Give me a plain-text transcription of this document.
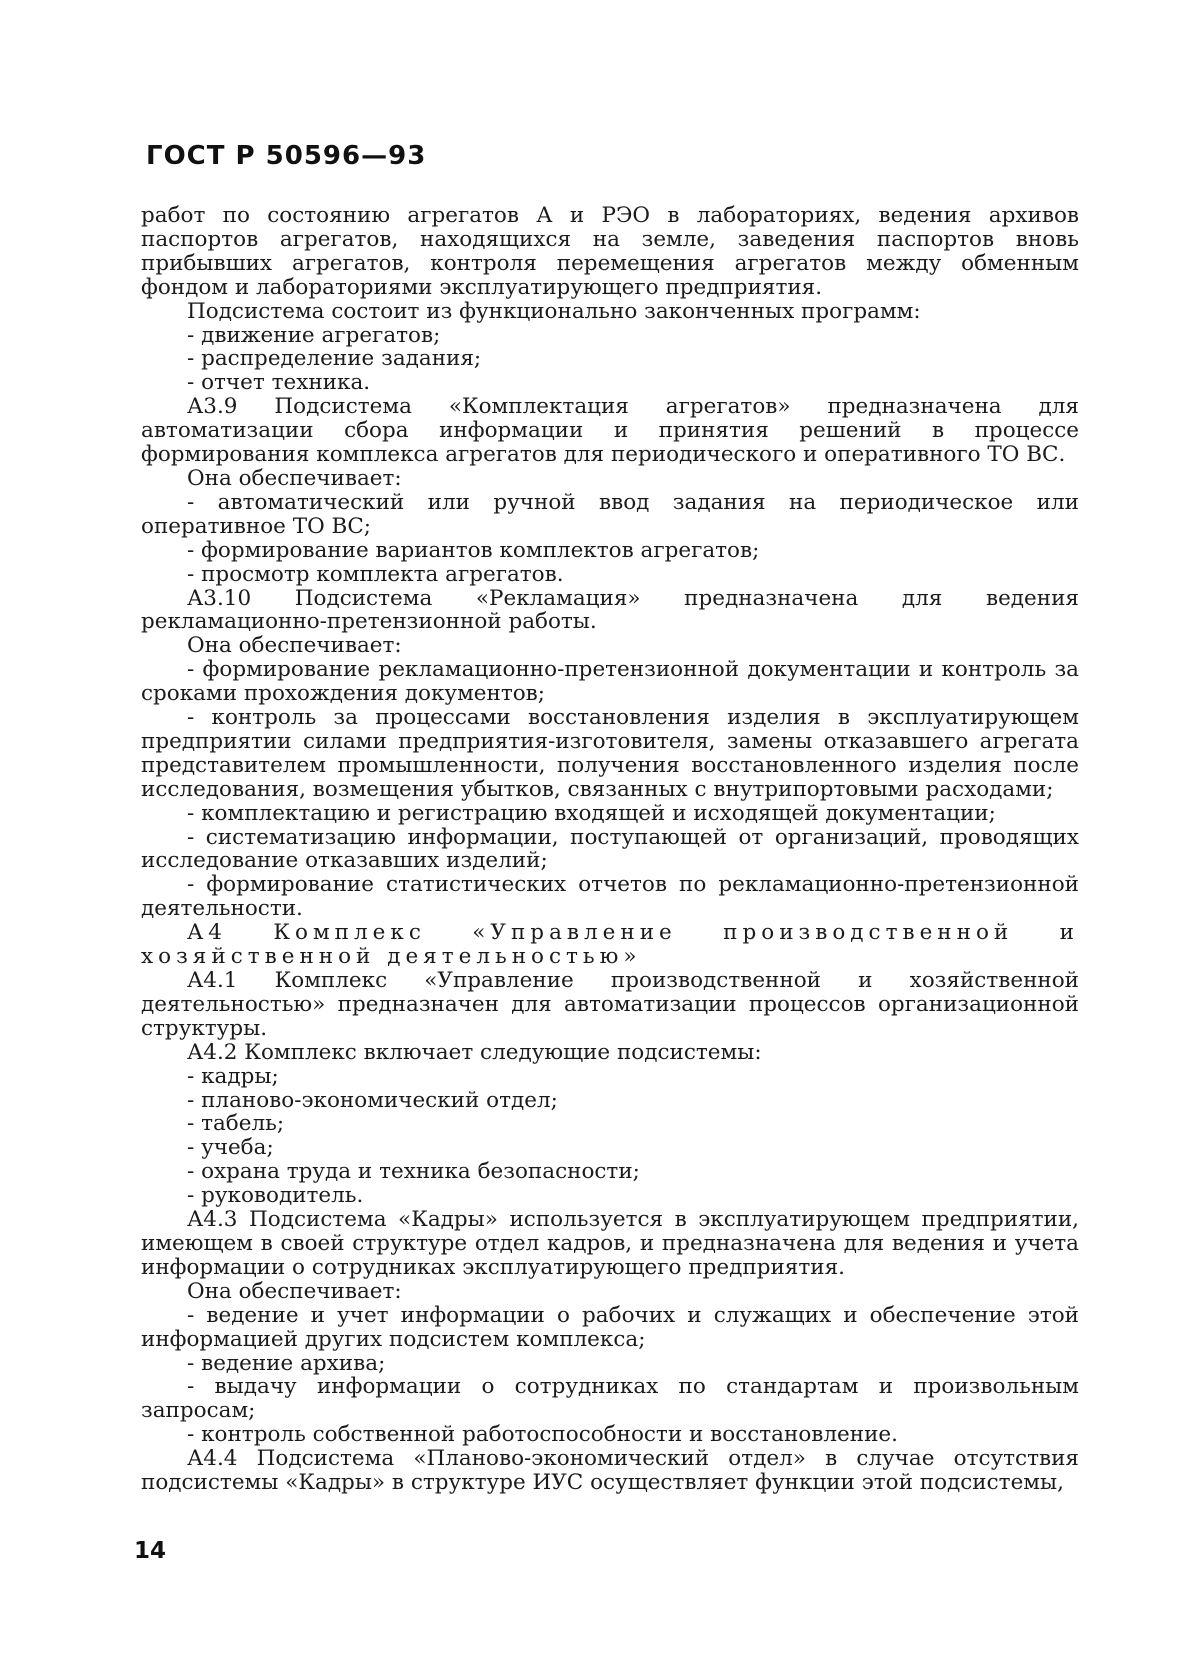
ГОСТ Р 50596—93

работ по состоянию агрегатов А и РЭО в лабораториях, ведения архивов паспортов агрегатов, находящихся на земле, заведения паспортов вновь прибывших агрегатов, контроля перемещения агрегатов между обменным фондом и лабораториями эксплуатирующего предприятия.

Подсистема состоит из функционально законченных программ:

- движение агрегатов;

- распределение задания;

- отчет техника.

А3.9 Подсистема «Комплектация агрегатов» предназначена для автоматизации сбора информации и принятия решений в процессе формирования комплекса агрегатов для периодического и оперативного ТО ВС.

Она обеспечивает:

- автоматический или ручной ввод задания на периодическое или оперативное ТО ВС;

- формирование вариантов комплектов агрегатов;

- просмотр комплекта агрегатов.

А3.10 Подсистема «Рекламация» предназначена для ведения рекламационно-претензионной работы.

Она обеспечивает:

- формирование рекламационно-претензионной документации и контроль за сроками прохождения документов;

- контроль за процессами восстановления изделия в эксплуатирующем предприятии силами предприятия-изготовителя, замены отказавшего агрегата представителем промышленности, получения восстановленного изделия после исследования, возмещения убытков, связанных с внутрипортовыми расходами;

- комплектацию и регистрацию входящей и исходящей документации;

- систематизацию информации, поступающей от организаций, проводящих исследование отказавших изделий;

- формирование статистических отчетов по рекламационно-претензионной деятельности.

А4 Комплекс «Управление производственной и хозяйственной деятельностью»

А4.1 Комплекс «Управление производственной и хозяйственной деятельностью» предназначен для автоматизации процессов организационной структуры.

А4.2 Комплекс включает следующие подсистемы:

- кадры;

- планово-экономический отдел;

- табель;

- учеба;

- охрана труда и техника безопасности;

- руководитель.

А4.3 Подсистема «Кадры» используется в эксплуатирующем предприятии, имеющем в своей структуре отдел кадров, и предназначена для ведения и учета информации о сотрудниках эксплуатирующего предприятия.

Она обеспечивает:

- ведение и учет информации о рабочих и служащих и обеспечение этой информацией других подсистем комплекса;

- ведение архива;

- выдачу информации о сотрудниках по стандартам и произвольным запросам;

- контроль собственной работоспособности и восстановление.

А4.4 Подсистема «Планово-экономический отдел» в случае отсутствия подсистемы «Кадры» в структуре ИУС осуществляет функции этой подсистемы,

14
